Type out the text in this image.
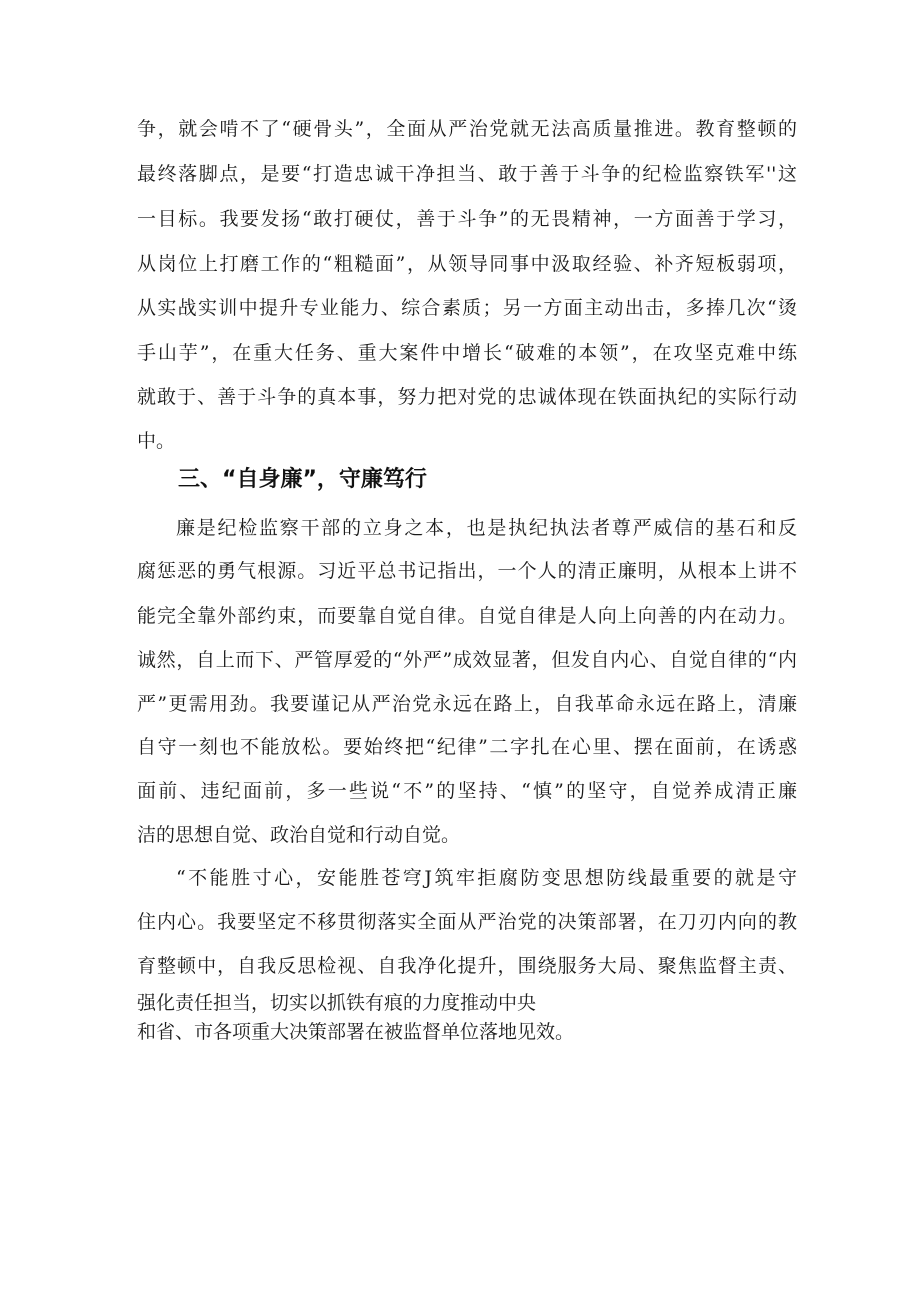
争，就会啃不了“硬骨头”，全面从严治党就无法高质量推进。教育整顿的
最终落脚点，是要“打造忠诚干净担当、敢于善于斗争的纪检监察铁军''这
一目标。我要发扬“敢打硬仗，善于斗争”的无畏精神，一方面善于学习，
从岗位上打磨工作的“粗糙面”，从领导同事中汲取经验、补齐短板弱项，
从实战实训中提升专业能力、综合素质；另一方面主动出击，多捧几次“烫
手山芋”，在重大任务、重大案件中增长“破难的本领”，在攻坚克难中练
就敢于、善于斗争的真本事，努力把对党的忠诚体现在铁面执纪的实际行动
中。
三、“自身廉”，守廉笃行
廉是纪检监察干部的立身之本，也是执纪执法者尊严威信的基石和反
腐惩恶的勇气根源。习近平总书记指出，一个人的清正廉明，从根本上讲不
能完全靠外部约束，而要靠自觉自律。自觉自律是人向上向善的内在动力。
诚然，自上而下、严管厚爱的“外严”成效显著，但发自内心、自觉自律的“内
严”更需用劲。我要谨记从严治党永远在路上，自我革命永远在路上，清廉
自守一刻也不能放松。要始终把“纪律”二字扎在心里、摆在面前，在诱惑
面前、违纪面前，多一些说“不”的坚持、“慎”的坚守，自觉养成清正廉
洁的思想自觉、政治自觉和行动自觉。
“不能胜寸心，安能胜苍穹J筑牢拒腐防变思想防线最重要的就是守
住内心。我要坚定不移贯彻落实全面从严治党的决策部署，在刀刃内向的教
育整顿中，自我反思检视、自我净化提升，围绕服务大局、聚焦监督主责、
强化责任担当，切实以抓铁有痕的力度推动中央
和省、市各项重大决策部署在被监督单位落地见效。
